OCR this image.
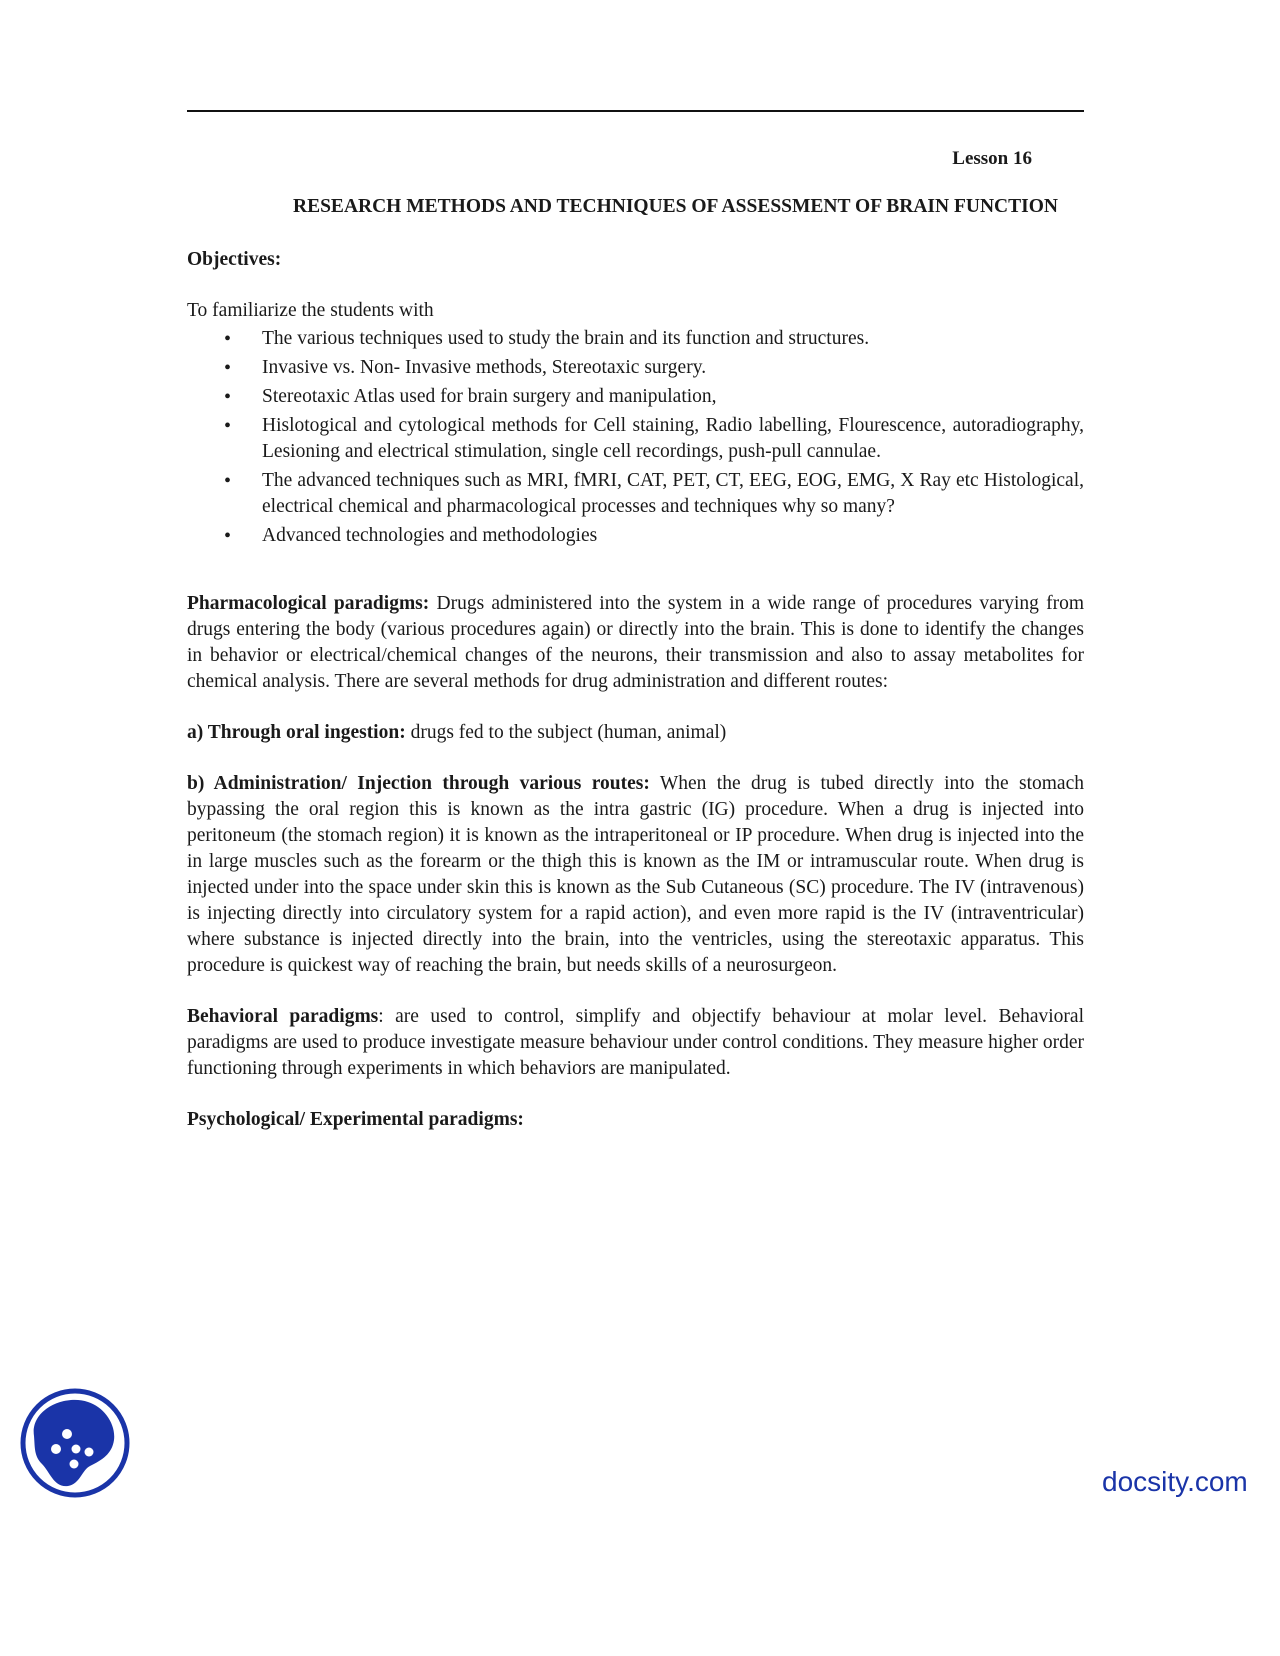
Lesson 16
RESEARCH METHODS AND TECHNIQUES OF ASSESSMENT OF BRAIN FUNCTION
Objectives:
To familiarize the students with
• The various techniques used to study the brain and its function and structures.
• Invasive vs. Non- Invasive methods, Stereotaxic surgery.
• Stereotaxic Atlas used for brain surgery and manipulation,
• Hislotogical and cytological methods for Cell staining, Radio labelling, Flourescence, autoradiography, Lesioning and electrical stimulation, single cell recordings, push-pull cannulae.
• The advanced techniques such as MRI, fMRI, CAT, PET, CT, EEG, EOG, EMG, X Ray etc Histological, electrical chemical and pharmacological processes and techniques why so many?
• Advanced technologies and methodologies

Pharmacological paradigms: Drugs administered into the system in a wide range of procedures varying from drugs entering the body (various procedures again) or directly into the brain. This is done to identify the changes in behavior or electrical/chemical changes of the neurons, their transmission and also to assay metabolites for chemical analysis. There are several methods for drug administration and different routes:

a) Through oral ingestion: drugs fed to the subject (human, animal)

b) Administration/ Injection through various routes: When the drug is tubed directly into the stomach bypassing the oral region this is known as the intra gastric (IG) procedure. When a drug is injected into peritoneum (the stomach region) it is known as the intraperitoneal or IP procedure. When drug is injected into the in large muscles such as the forearm or the thigh this is known as the IM or intramuscular route. When drug is injected under into the space under skin this is known as the Sub Cutaneous (SC) procedure. The IV (intravenous) is injecting directly into circulatory system for a rapid action), and even more rapid is the IV (intraventricular) where substance is injected directly into the brain, into the ventricles, using the stereotaxic apparatus. This procedure is quickest way of reaching the brain, but needs skills of a neurosurgeon.

Behavioral paradigms: are used to control, simplify and objectify behaviour at molar level. Behavioral paradigms are used to produce investigate measure behaviour under control conditions. They measure higher order functioning through experiments in which behaviors are manipulated.

Psychological/ Experimental paradigms:

docsity.com
